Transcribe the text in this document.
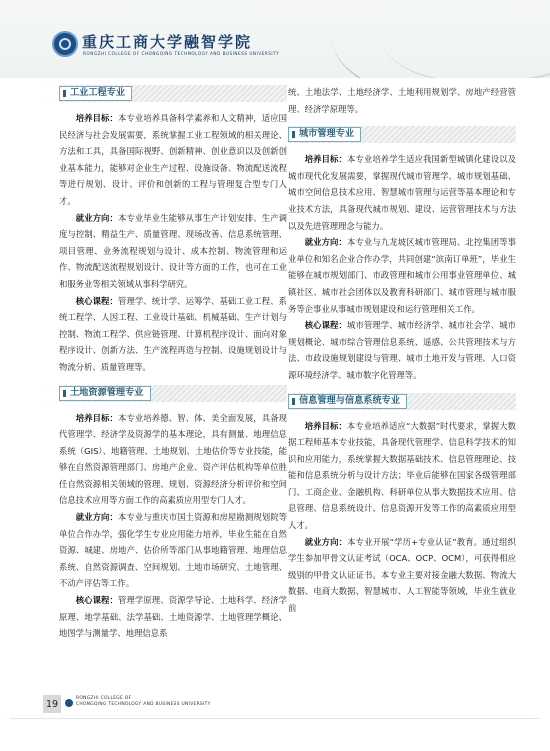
重庆工商大学融智学院
RONGZHI COLLEGE OF CHONGQING TECHNOLOGY AND BUSINESS UNIVERSITY
工业工程专业

培养目标：本专业培养具备科学素养和人文精神，适应国民经济与社会发展需要，系统掌握工业工程领域的相关理论、方法和工具，具备国际视野、创新精神、创业意识以及创新创业基本能力，能够对企业生产过程、设施设备、物流配送流程等进行规划、设计、评价和创新的工程与管理复合型专门人才。

就业方向：本专业毕业生能够从事生产计划安排、生产调度与控制、精益生产、质量管理、现场改善、信息系统管理、项目管理、业务流程规划与设计、成本控制、物流管理和运作、物流配送流程规划设计、设计等方面的工作，也可在工业和服务业等相关领域从事科学研究。

核心课程：管理学、统计学、运筹学、基础工业工程、系统工程学、人因工程、工业设计基础、机械基础、生产计划与控制、物流工程学、供应链管理、计算机程序设计、面向对象程序设计、创新方法、生产流程再造与控制、设施规划设计与物流分析、质量管理等。

土地资源管理专业

培养目标：本专业培养德、智、体、美全面发展，具备现代管理学、经济学及资源学的基本理论，具有测量、地理信息系统（GIS）、地籍管理、土地规划、土地估价等专业技能，能够在自然资源管理部门、房地产企业、资产评估机构等单位胜任自然资源相关领域的管理、规划、资源经济分析评价和空间信息技术应用等方面工作的高素质应用型专门人才。

就业方向：本专业与重庆市国土资源和房屋勘测规划院等单位合作办学，强化学生专业应用能力培养，毕业生能在自然资源、城建、房地产、估价所等部门从事地籍管理、地理信息系统、自然资源调查、空间规划、土地市场研究、土地管理、不动产评估等工作。

核心课程：管理学原理、资源学导论、土地科学、经济学原理、地学基础、法学基础、土地资源学、土地管理学概论、地图学与测量学、地理信息系

统、土地法学、土地经济学、土地利用规划学、房地产经营管理、经济学原理等。

城市管理专业

培养目标：本专业培养学生适应我国新型城镇化建设以及城市现代化发展需要，掌握现代城市管理学、城市规划基础、城市空间信息技术应用、智慧城市管理与运营等基本理论和专业技术方法，具备现代城市规划、建设、运营管理技术与方法以及先进管理理念与能力。

就业方向：本专业与九龙坡区城市管理局、北控集团等事业单位和知名企业合作办学，共同创建“滨南订单班”，毕业生能够在城市规划部门、市政管理和城市公用事业管理单位、城镇社区、城市社会团体以及教育科研部门、城市管理与城市服务等企事业从事城市规划建设和运行管理相关工作。

核心课程：城市管理学、城市经济学、城市社会学、城市规划概论、城市综合管理信息系统、遥感、公共管理技术与方法、市政设施规划建设与管理、城市土地开发与管理、人口资源环境经济学、城市数字化管理等。

信息管理与信息系统专业

培养目标：本专业培养适应“大数据”时代要求，掌握大数据工程师基本专业技能，具备现代管理学、信息科学技术的知识和应用能力，系统掌握大数据基础技术、信息管理理论、技能和信息系统分析与设计方法；毕业后能够在国家各级管理部门、工商企业、金融机构、科研单位从事大数据技术应用、信息管理、信息系统设计、信息资源开发等工作的高素质应用型人才。

就业方向：本专业开展“学历+专业认证”教育。通过组织学生参加甲骨文认证考试（OCA、OCP、OCM），可获得相应级别的甲骨文认证证书。本专业主要对接金融大数据、物流大数据、电商大数据、智慧城市、人工智能等领域，毕业生就业前

19	RONGZHI COLLEGE OF
CHONGQING TECHNOLOGY AND BUSINESS UNIVERSITY
